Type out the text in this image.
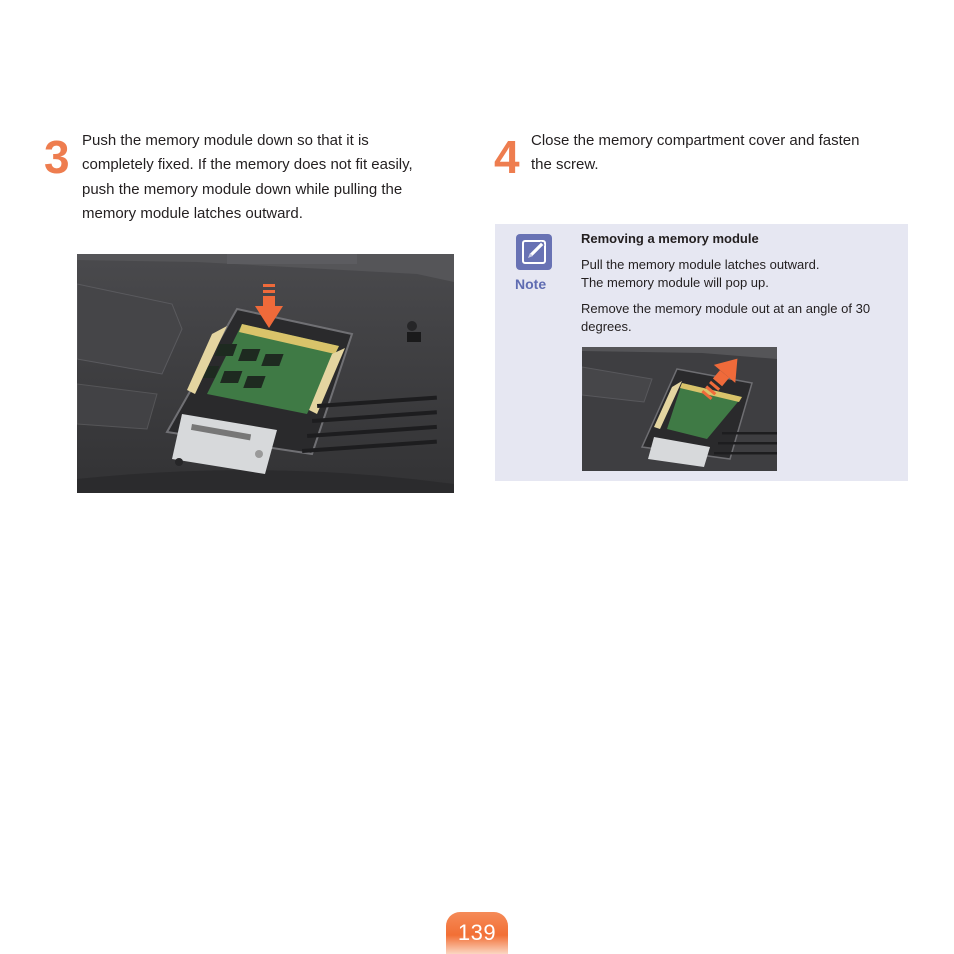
3 Push the memory module down so that it is
completely fixed. If the memory does not fit easily,
push the memory module down while pulling the
memory module latches outward.
4 Close the memory compartment cover and fasten
the screw.
Note
Removing a memory module
Pull the memory module latches outward.
The memory module will pop up.
Remove the memory module out at an angle of 30
degrees.
139
